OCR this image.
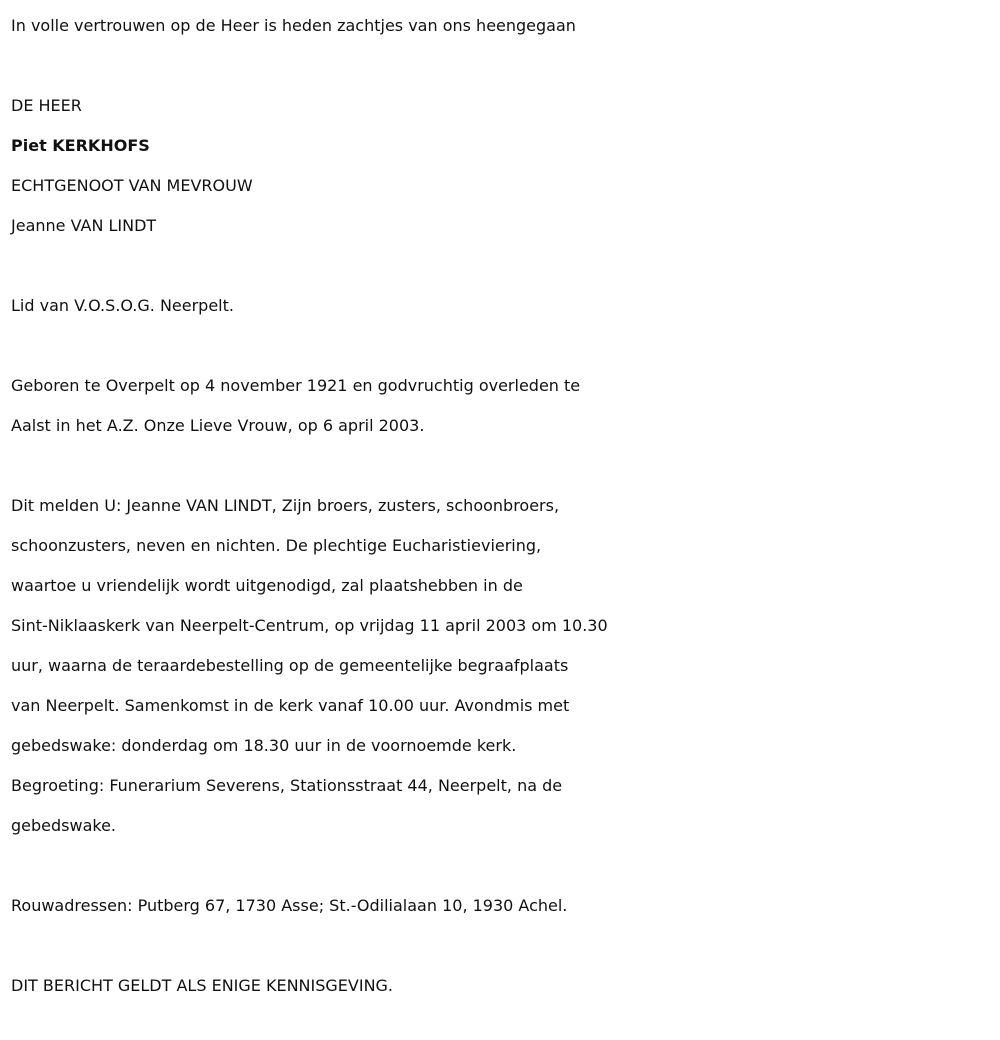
In volle vertrouwen op de Heer is heden zachtjes van ons heengegaan

DE HEER

Piet KERKHOFS

ECHTGENOOT VAN MEVROUW

Jeanne VAN LINDT

Lid van V.O.S.O.G. Neerpelt.

Geboren te Overpelt op 4 november 1921 en godvruchtig overleden te
Aalst in het A.Z. Onze Lieve Vrouw, op 6 april 2003.

Dit melden U: Jeanne VAN LINDT, Zijn broers, zusters, schoonbroers,
schoonzusters, neven en nichten. De plechtige Eucharistieviering,
waartoe u vriendelijk wordt uitgenodigd, zal plaatshebben in de
Sint-Niklaaskerk van Neerpelt-Centrum, op vrijdag 11 april 2003 om 10.30
uur, waarna de teraardebestelling op de gemeentelijke begraafplaats
van Neerpelt. Samenkomst in de kerk vanaf 10.00 uur. Avondmis met
gebedswake: donderdag om 18.30 uur in de voornoemde kerk.
Begroeting: Funerarium Severens, Stationsstraat 44, Neerpelt, na de
gebedswake.

Rouwadressen: Putberg 67, 1730 Asse; St.-Odilialaan 10, 1930 Achel.

DIT BERICHT GELDT ALS ENIGE KENNISGEVING.
